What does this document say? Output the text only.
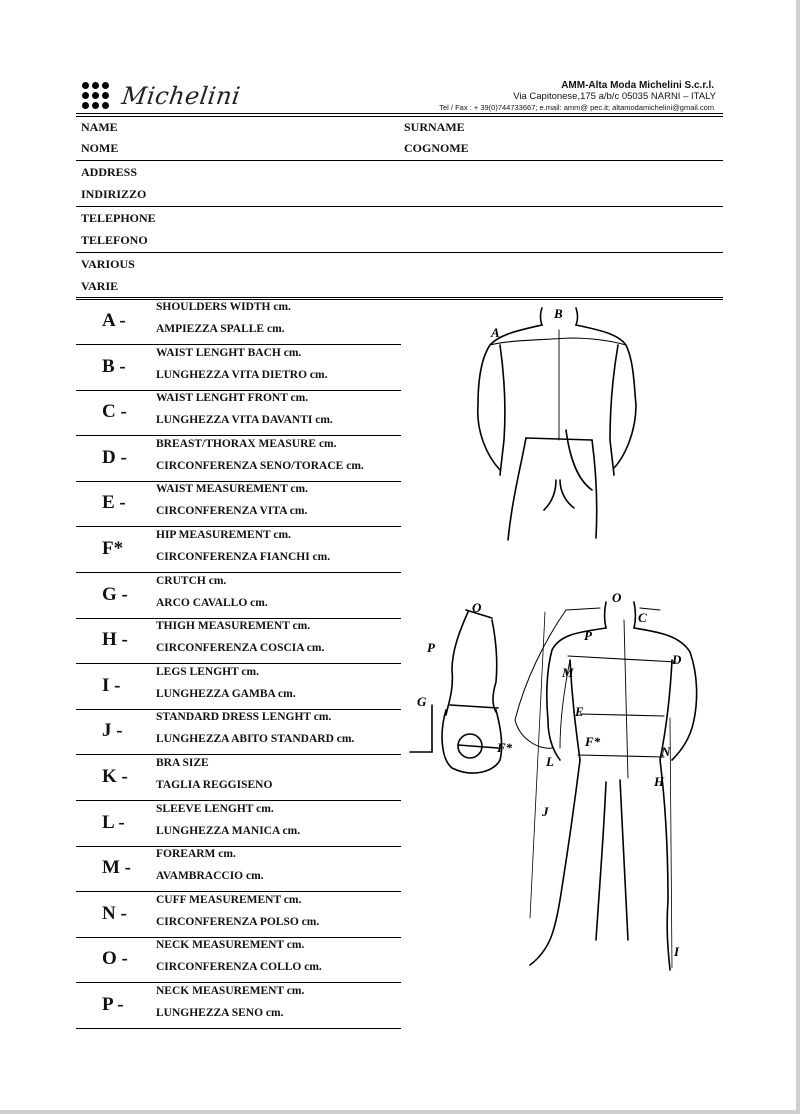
Michelini	AMM-Alta Moda Michelini S.c.r.l.
Via Capitonese,175 a/b/c 05035 NARNI – ITALY
Tel / Fax : + 39(0)744733667; e.mail: amm@ pec.it; altamodamichelini@gmail.com
NAME	SURNAME
NOME	COGNOME
ADDRESS
INDIRIZZO
TELEPHONE
TELEFONO
VARIOUS
VARIE
A -
SHOULDERS WIDTH cm.
AMPIEZZA SPALLE cm.
B -
WAIST LENGHT BACH cm.
LUNGHEZZA VITA DIETRO cm.
C -
WAIST LENGHT FRONT cm.
LUNGHEZZA VITA DAVANTI cm.
D -
BREAST/THORAX MEASURE cm.
CIRCONFERENZA SENO/TORACE cm.
E -
WAIST MEASUREMENT cm.
CIRCONFERENZA VITA cm.
F*
HIP MEASUREMENT cm.
CIRCONFERENZA FIANCHI cm.
G -
CRUTCH cm.
ARCO CAVALLO cm.
H -
THIGH MEASUREMENT cm.
CIRCONFERENZA COSCIA cm.
I -
LEGS LENGHT cm.
LUNGHEZZA GAMBA cm.
J -
STANDARD DRESS LENGHT cm.
LUNGHEZZA ABITO STANDARD cm.
K -
BRA SIZE
TAGLIA REGGISENO
L -
SLEEVE LENGHT cm.
LUNGHEZZA MANICA cm.
M -
FOREARM cm.
AVAMBRACCIO cm.
N -
CUFF MEASUREMENT cm.
CIRCONFERENZA POLSO cm.
O -
NECK MEASUREMENT cm.
CIRCONFERENZA COLLO cm.
P -
NECK MEASUREMENT cm.
LUNGHEZZA SENO cm.
A
B
O
P
G
F*
O
C
P
D
M
E
F*
L
N
H
J
I
